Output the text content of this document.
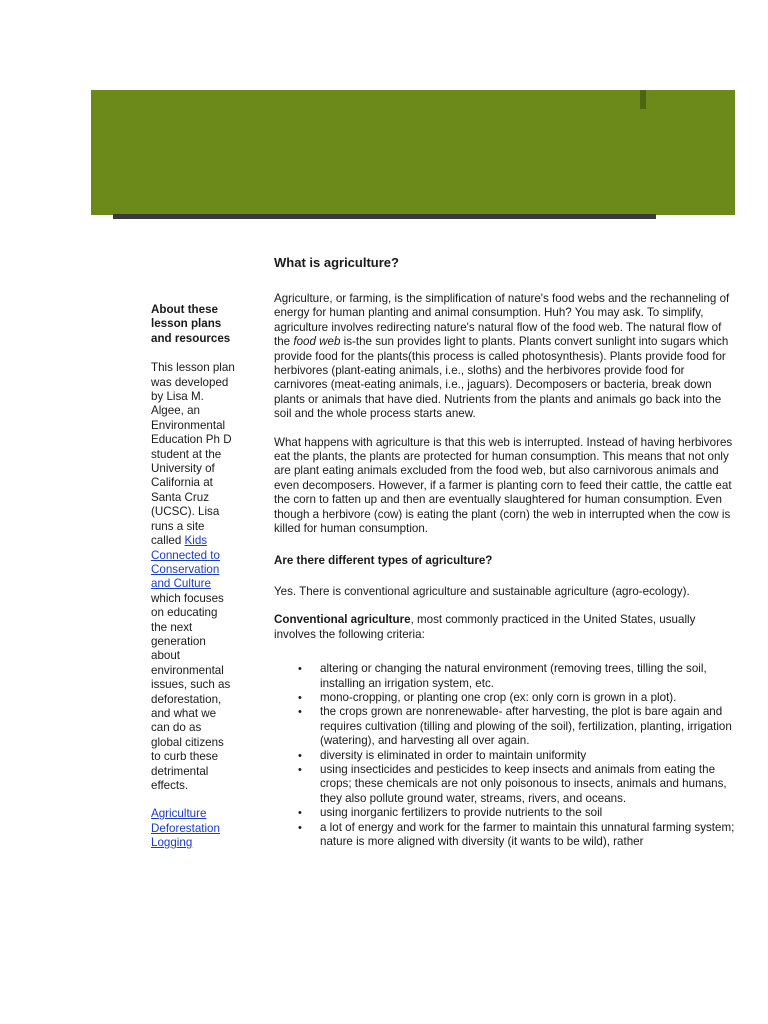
About these lesson plans and resources
This lesson plan was developed by Lisa M. Algee, an Environmental Education Ph D student at the University of California at Santa Cruz (UCSC). Lisa runs a site called Kids Connected to Conservation and Culture which focuses on educating the next generation about environmental issues, such as deforestation, and what we can do as global citizens to curb these detrimental effects.
Agriculture
Deforestation
Logging
What is agriculture?

Agriculture, or farming, is the simplification of nature's food webs and the rechanneling of energy for human planting and animal consumption. Huh? You may ask. To simplify, agriculture involves redirecting nature's natural flow of the food web. The natural flow of the food web is-the sun provides light to plants. Plants convert sunlight into sugars which provide food for the plants(this process is called photosynthesis). Plants provide food for herbivores (plant-eating animals, i.e., sloths) and the herbivores provide food for carnivores (meat-eating animals, i.e., jaguars). Decomposers or bacteria, break down plants or animals that have died. Nutrients from the plants and animals go back into the soil and the whole process starts anew.

What happens with agriculture is that this web is interrupted. Instead of having herbivores eat the plants, the plants are protected for human consumption. This means that not only are plant eating animals excluded from the food web, but also carnivorous animals and even decomposers. However, if a farmer is planting corn to feed their cattle, the cattle eat the corn to fatten up and then are eventually slaughtered for human consumption. Even though a herbivore (cow) is eating the plant (corn) the web in interrupted when the cow is killed for human consumption.

Are there different types of agriculture?

Yes. There is conventional agriculture and sustainable agriculture (agro-ecology).

Conventional agriculture, most commonly practiced in the United States, usually involves the following criteria:

• altering or changing the natural environment (removing trees, tilling the soil, installing an irrigation system, etc.
• mono-cropping, or planting one crop (ex: only corn is grown in a plot).
• the crops grown are nonrenewable- after harvesting, the plot is bare again and requires cultivation (tilling and plowing of the soil), fertilization, planting, irrigation (watering), and harvesting all over again.
• diversity is eliminated in order to maintain uniformity
• using insecticides and pesticides to keep insects and animals from eating the crops; these chemicals are not only poisonous to insects, animals and humans, they also pollute ground water, streams, rivers, and oceans.
• using inorganic fertilizers to provide nutrients to the soil
• a lot of energy and work for the farmer to maintain this unnatural farming system; nature is more aligned with diversity (it wants to be wild), rather
